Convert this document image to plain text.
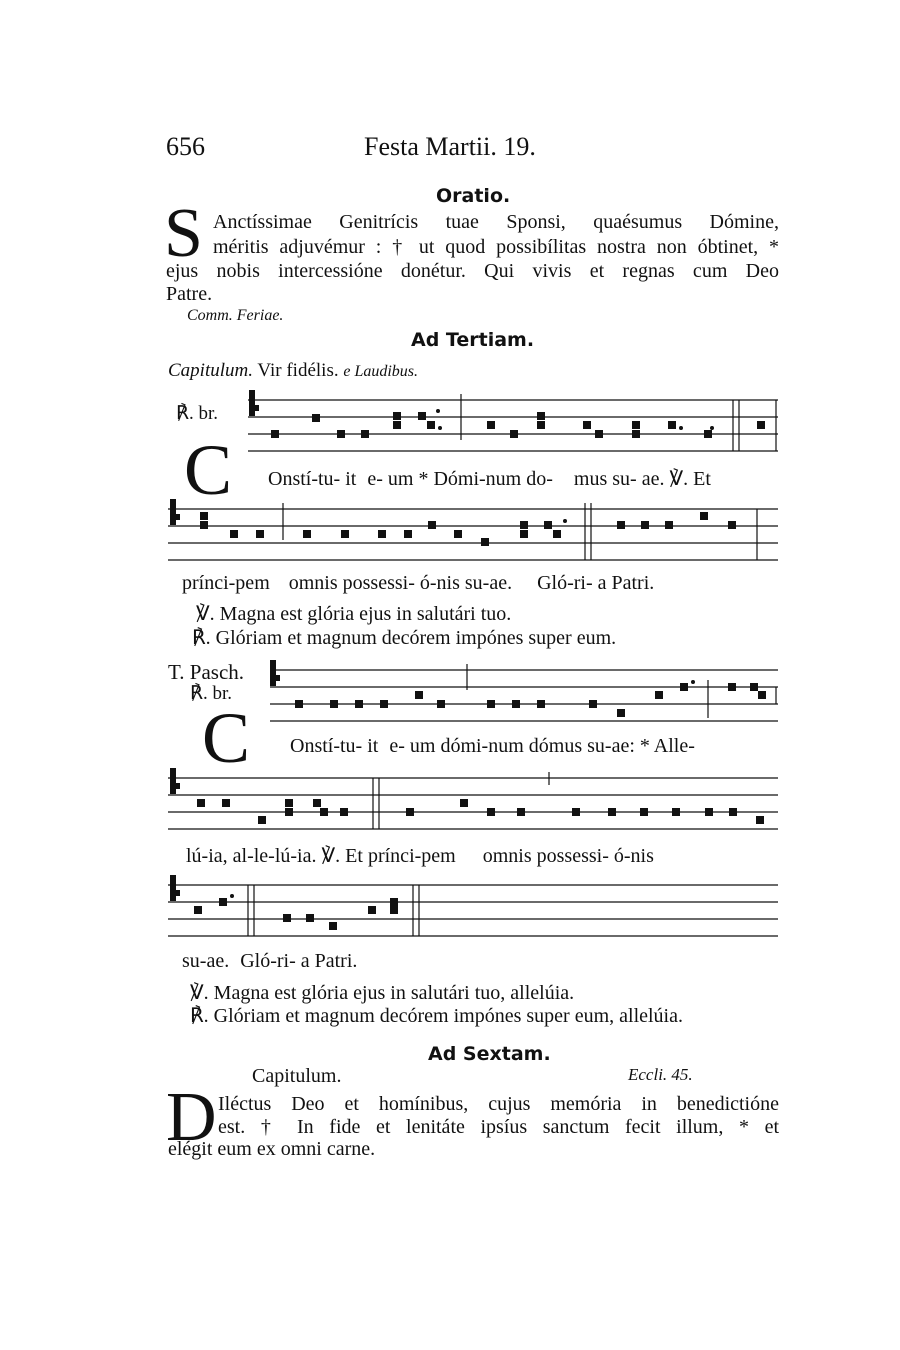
656	Festa Martii. 19.
Oratio.
S Anctíssimae Genitrícis tuae Sponsi, quaésumus Dómine,
méritis adjuvémur : † ut quod possibílitas nostra non óbtinet, *
ejus nobis intercessióne donétur. Qui vivis et regnas cum Deo
Patre.
Comm. Feriae.
Ad Tertiam.
Capitulum. Vir fidélis. e Laudibus.
℟. br.
C Onstí-tu- it e- um * Dómi-num do- mus su- ae. ℣. Et
prínci-pem omnis possessi- ó-nis su-ae. Gló-ri- a Patri.
℣. Magna est glória ejus in salutári tuo.
℟. Glóriam et magnum decórem impónes super eum.
T. Pasch.
℟. br.
C Onstí-tu- it e- um dómi-num dómus su-ae: * Alle-
lú-ia, al-le-lú-ia. ℣. Et prínci-pem omnis possessi- ó-nis
su-ae. Gló-ri- a Patri.
℣. Magna est glória ejus in salutári tuo, allelúia.
℟. Glóriam et magnum decórem impónes super eum, allelúia.
Ad Sextam.
Capitulum.	Eccli. 45.
D Iléctus Deo et homínibus, cujus memória in benedictióne
est. † In fide et lenitáte ipsíus sanctum fecit illum, * et
elégit eum ex omni carne.
